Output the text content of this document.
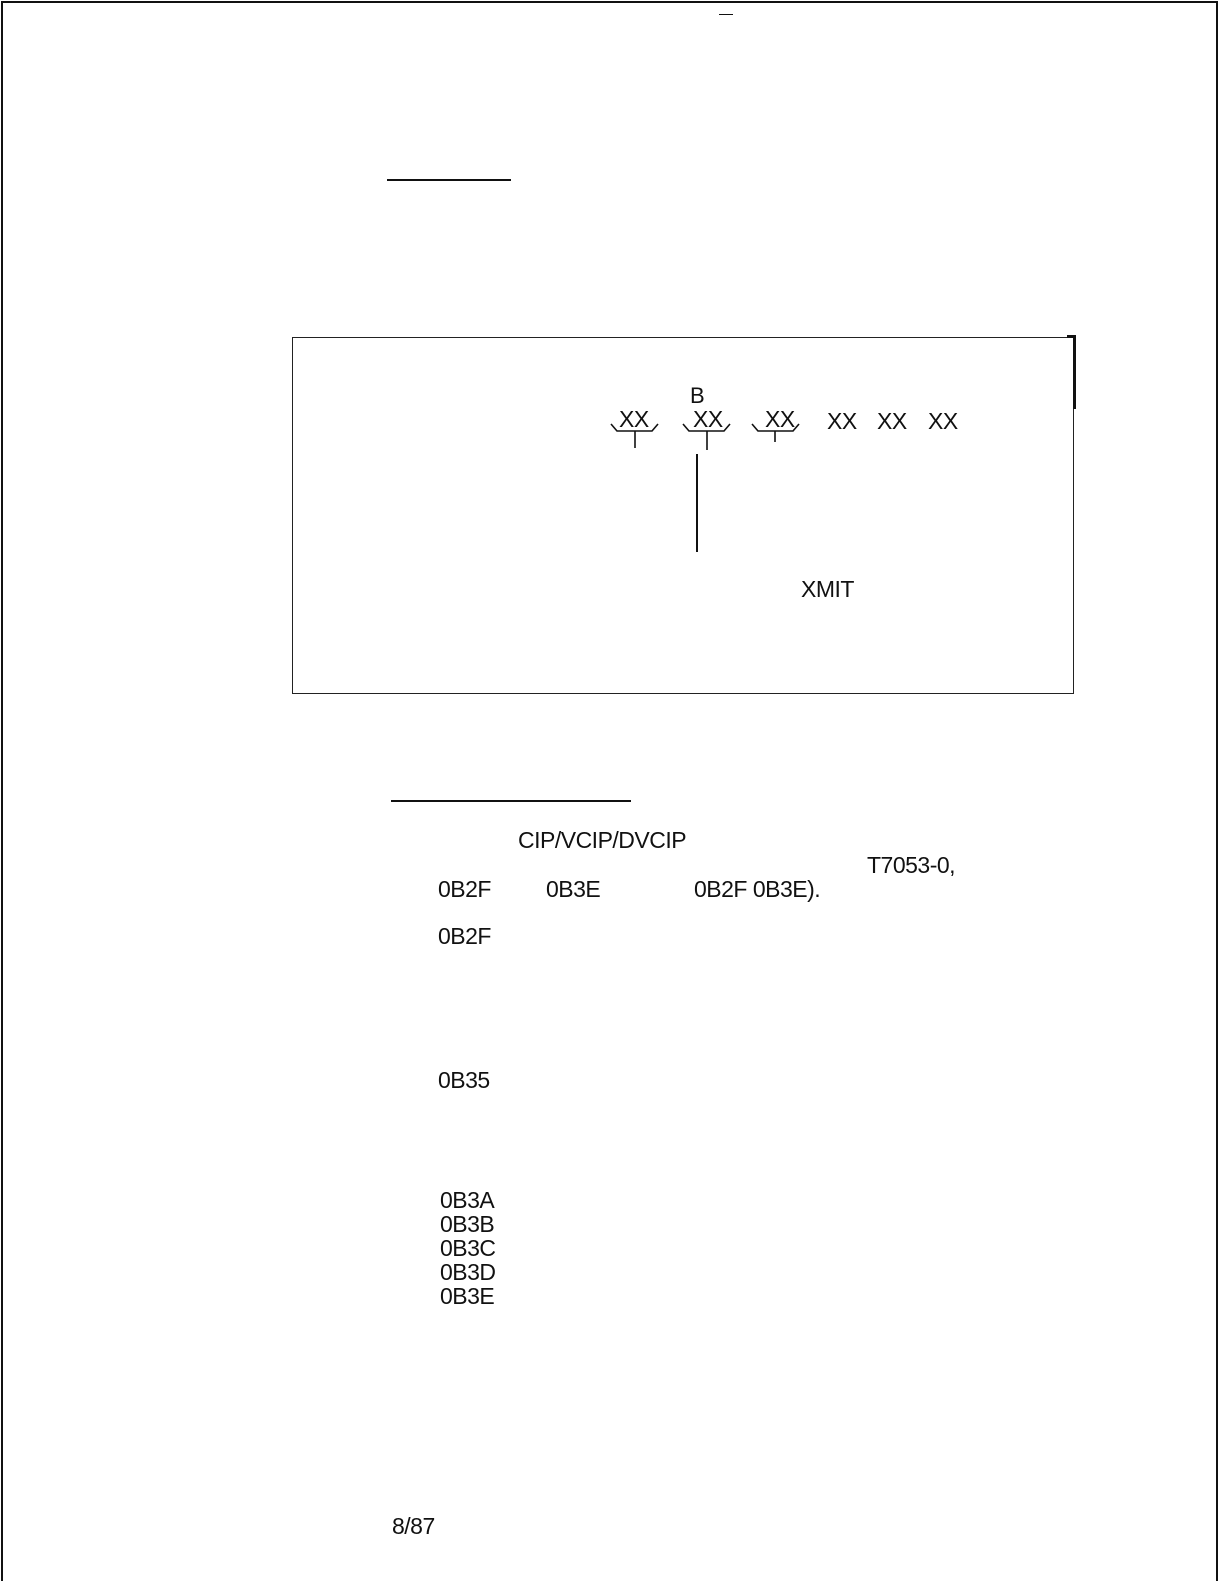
B
XX XX XX XX XX XX
XMIT
CIP/VCIP/DVCIP
T7053-0,
0B2F 0B3E	0B2F 0B3E).
0B2F
0B35
0B3A
0B3B
0B3C
0B3D
0B3E
8/87
